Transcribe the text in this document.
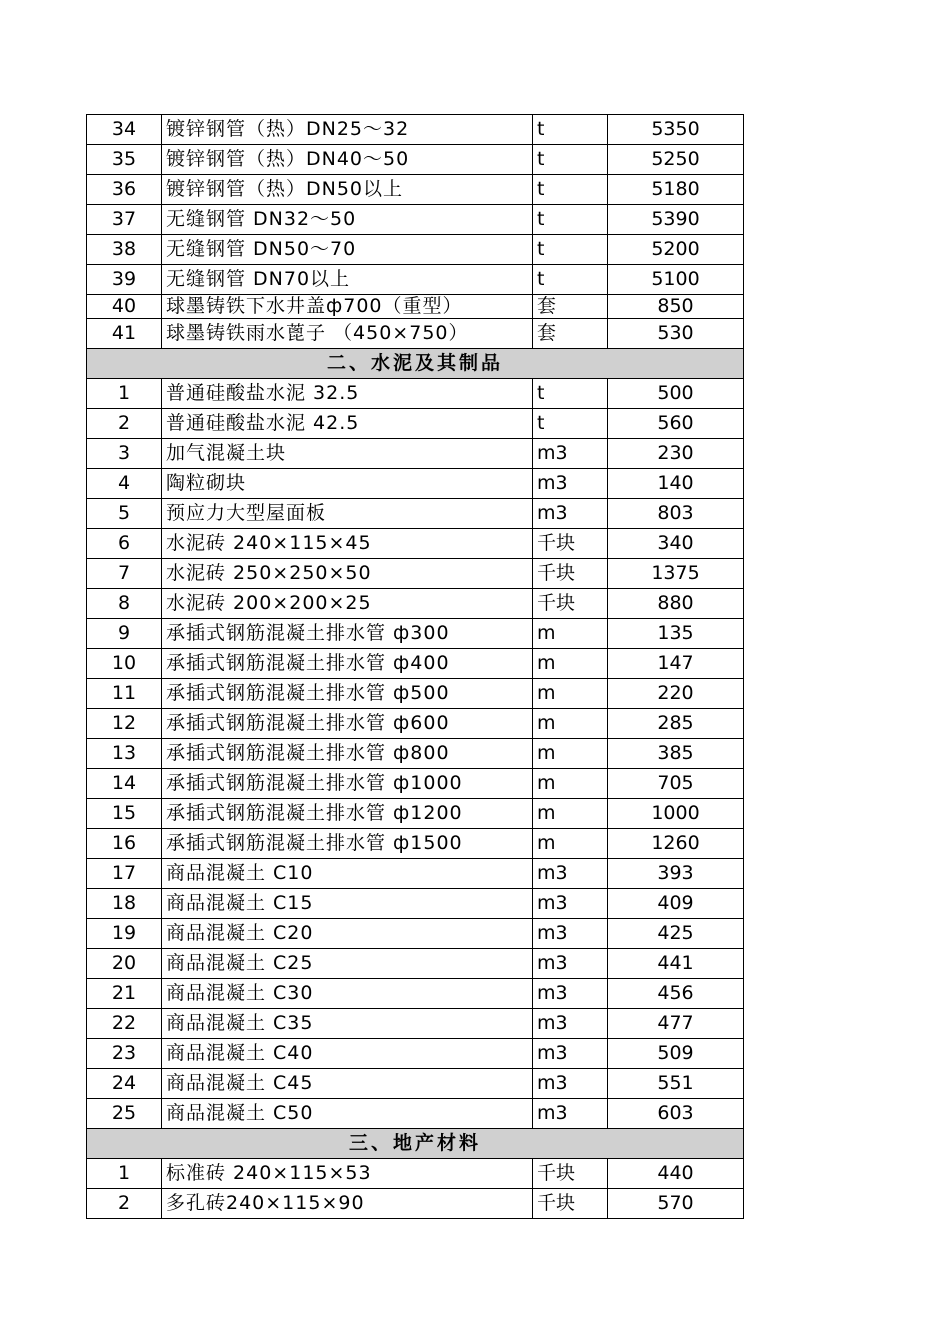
34	镀锌钢管（热）DN25～32	t	5350
35	镀锌钢管（热）DN40～50	t	5250
36	镀锌钢管（热）DN50以上	t	5180
37	无缝钢管 DN32～50	t	5390
38	无缝钢管 DN50～70	t	5200
39	无缝钢管 DN70以上	t	5100
40	球墨铸铁下水井盖ф700（重型）	套	850
41	球墨铸铁雨水蓖子 （450×750）	套	530
二、水泥及其制品			
1	普通硅酸盐水泥 32.5	t	500
2	普通硅酸盐水泥 42.5	t	560
3	加气混凝土块	m3	230
4	陶粒砌块	m3	140
5	预应力大型屋面板	m3	803
6	水泥砖 240×115×45	千块	340
7	水泥砖 250×250×50	千块	1375
8	水泥砖 200×200×25	千块	880
9	承插式钢筋混凝土排水管 ф300	m	135
10	承插式钢筋混凝土排水管 ф400	m	147
11	承插式钢筋混凝土排水管 ф500	m	220
12	承插式钢筋混凝土排水管 ф600	m	285
13	承插式钢筋混凝土排水管 ф800	m	385
14	承插式钢筋混凝土排水管 ф1000	m	705
15	承插式钢筋混凝土排水管 ф1200	m	1000
16	承插式钢筋混凝土排水管 ф1500	m	1260
17	商品混凝土 C10	m3	393
18	商品混凝土 C15	m3	409
19	商品混凝土 C20	m3	425
20	商品混凝土 C25	m3	441
21	商品混凝土 C30	m3	456
22	商品混凝土 C35	m3	477
23	商品混凝土 C40	m3	509
24	商品混凝土 C45	m3	551
25	商品混凝土 C50	m3	603
三、地产材料			
1	标准砖 240×115×53	千块	440
2	多孔砖240×115×90	千块	570
